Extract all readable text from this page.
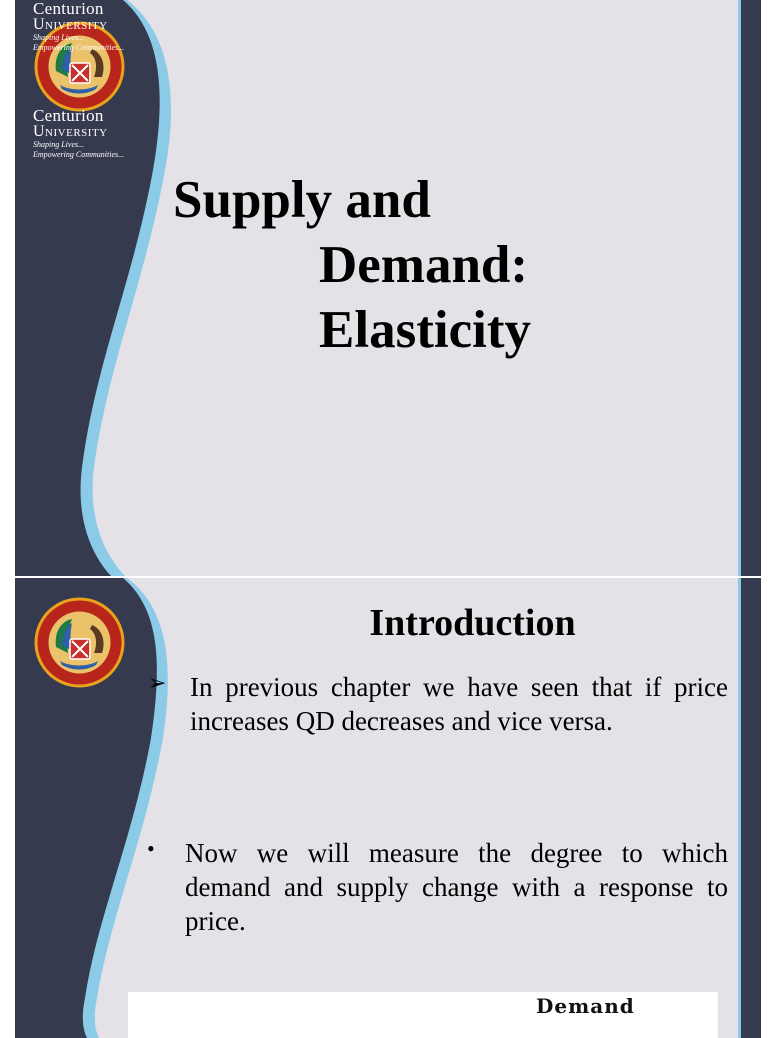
Centurion
University
Shaping Lives...
Empowering Communities...
Supply and
Demand:
Elasticity
Introduction
➢ In previous chapter we have seen that if price increases QD decreases and vice versa.
• Now we will measure the degree to which demand and supply change with a response to price.
Demand
Centurion
University
Shaping Lives...
Empowering Communities...
